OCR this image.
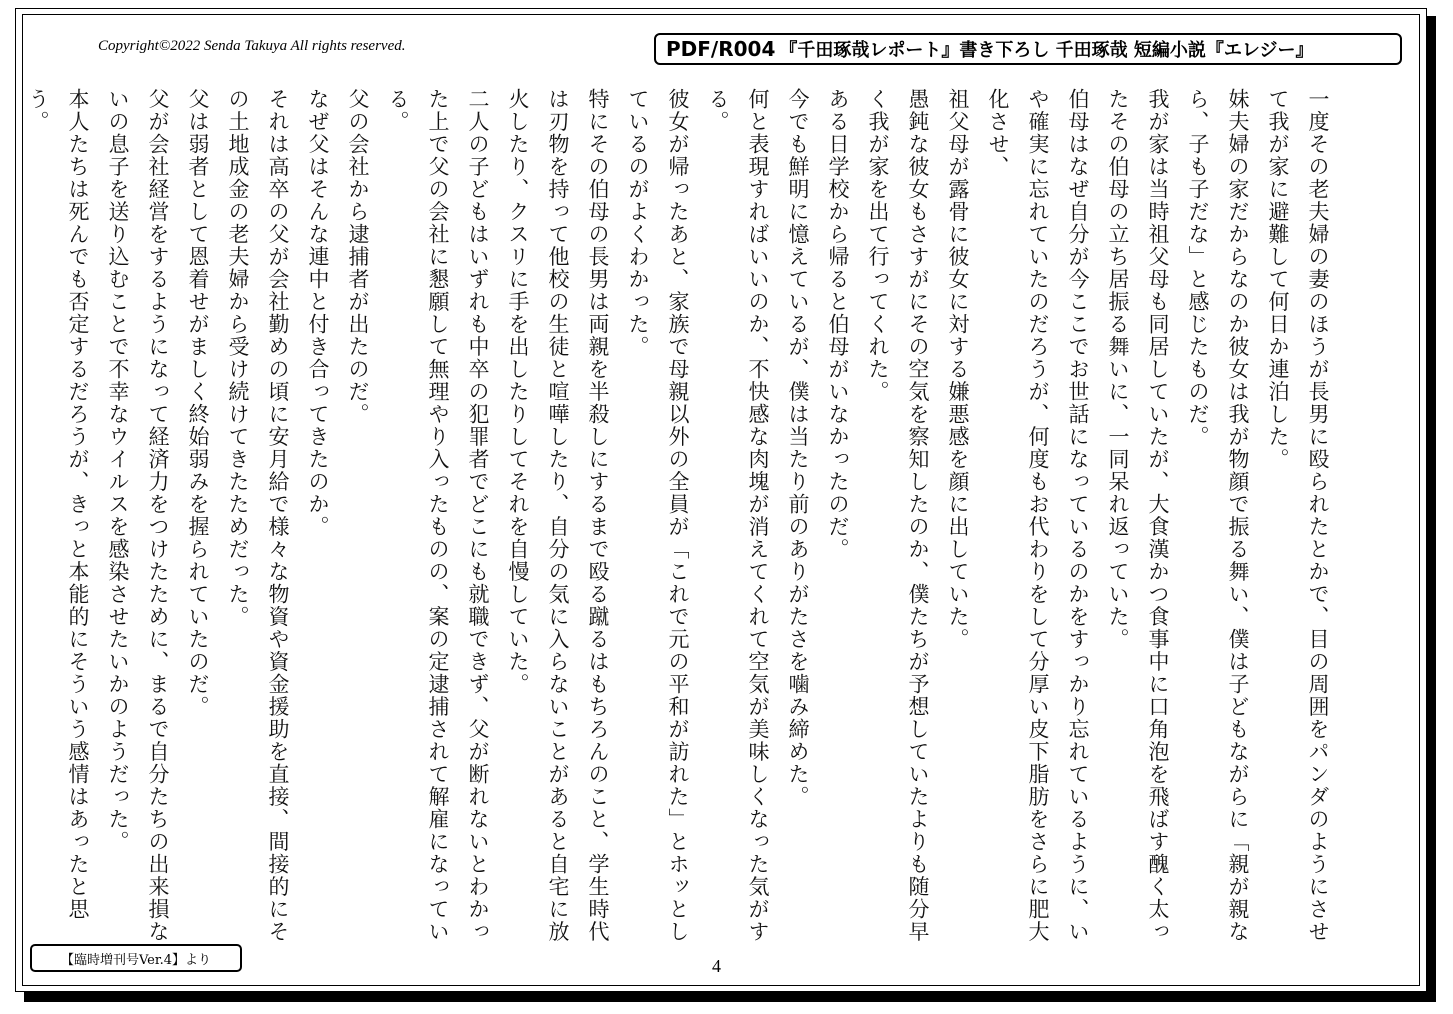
Copyright©2022 Senda Takuya All rights reserved.	PDF/R004 『千田琢哉レポート』書き下ろし 千田琢哉 短編小説『エレジー』

一度その老夫婦の妻のほうが長男に殴られたとかで、目の周囲をパンダのようにさせて我が家に避難して何日か連泊した。

妹夫婦の家だからなのか彼女は我が物顔で振る舞い、僕は子どもながらに「親が親なら、子も子だな」と感じたものだ。

我が家は当時祖父母も同居していたが、大食漢かつ食事中に口角泡を飛ばす醜く太ったその伯母の立ち居振る舞いに、一同呆れ返っていた。

伯母はなぜ自分が今ここでお世話になっているのかをすっかり忘れているように、いや確実に忘れていたのだろうが、何度もお代わりをして分厚い皮下脂肪をさらに肥大化させ、

祖父母が露骨に彼女に対する嫌悪感を顔に出していた。

愚鈍な彼女もさすがにその空気を察知したのか、僕たちが予想していたよりも随分早く我が家を出て行ってくれた。

ある日学校から帰ると伯母がいなかったのだ。

今でも鮮明に憶えているが、僕は当たり前のありがたさを噛み締めた。

何と表現すればいいのか、不快感な肉塊が消えてくれて空気が美味しくなった気がする。

彼女が帰ったあと、家族で母親以外の全員が「これで元の平和が訪れた」とホッとしているのがよくわかった。

特にその伯母の長男は両親を半殺しにするまで殴る蹴るはもちろんのこと、学生時代は刃物を持って他校の生徒と喧嘩したり、自分の気に入らないことがあると自宅に放火したり、クスリに手を出したりしてそれを自慢していた。

二人の子どもはいずれも中卒の犯罪者でどこにも就職できず、父が断れないとわかった上で父の会社に懇願して無理やり入ったものの、案の定逮捕されて解雇になっている。

父の会社から逮捕者が出たのだ。

なぜ父はそんな連中と付き合ってきたのか。

それは高卒の父が会社勤めの頃に安月給で様々な物資や資金援助を直接、間接的にその土地成金の老夫婦から受け続けてきたためだった。

父は弱者として恩着せがましく終始弱みを握られていたのだ。

父が会社経営をするようになって経済力をつけたために、まるで自分たちの出来損ないの息子を送り込むことで不幸なウイルスを感染させたいかのようだった。

本人たちは死んでも否定するだろうが、きっと本能的にそういう感情はあったと思う。

【臨時増刊号Ver.4】より	4
